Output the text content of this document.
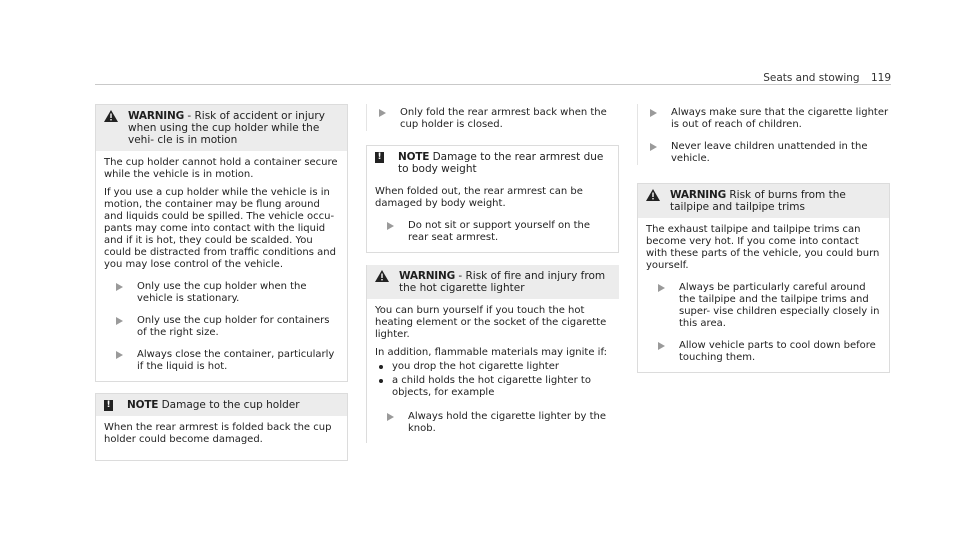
Seats and stowing 119
WARNING - Risk of accident or injury when using the cup holder while the vehi- cle is in motion

The cup holder cannot hold a container secure while the vehicle is in motion.

If you use a cup holder while the vehicle is in motion, the container may be flung around and liquids could be spilled. The vehicle occu- pants may come into contact with the liquid and if it is hot, they could be scalded. You could be distracted from traffic conditions and you may lose control of the vehicle.

Only use the cup holder when the vehicle is stationary.
Only use the cup holder for containers of the right size.
Always close the container, particularly if the liquid is hot.
! NOTE Damage to the cup holder

When the rear armrest is folded back the cup holder could become damaged.

Only fold the rear armrest back when the cup holder is closed.
! NOTE Damage to the rear armrest due to body weight

When folded out, the rear armrest can be damaged by body weight.

Do not sit or support yourself on the rear seat armrest.
WARNING - Risk of fire and injury from the hot cigarette lighter

You can burn yourself if you touch the hot heating element or the socket of the cigarette lighter.

In addition, flammable materials may ignite if:

you drop the hot cigarette lighter
a child holds the hot cigarette lighter to objects, for example
Always hold the cigarette lighter by the knob.
Always make sure that the cigarette lighter is out of reach of children.
Never leave children unattended in the vehicle.
WARNING Risk of burns from the tailpipe and tailpipe trims

The exhaust tailpipe and tailpipe trims can become very hot. If you come into contact with these parts of the vehicle, you could burn yourself.

Always be particularly careful around the tailpipe and the tailpipe trims and super- vise children especially closely in this area.
Allow vehicle parts to cool down before touching them.
